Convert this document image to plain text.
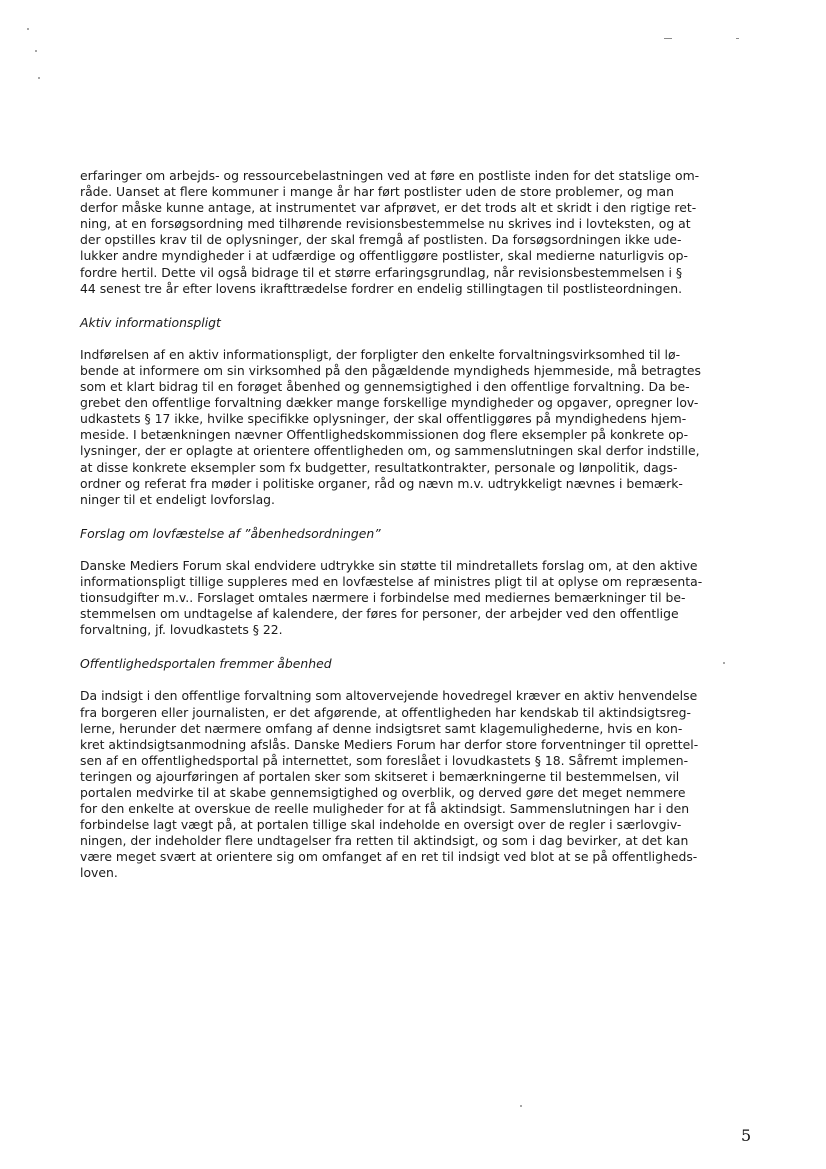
erfaringer om arbejds- og ressourcebelastningen ved at føre en postliste inden for det statslige om-
råde. Uanset at flere kommuner i mange år har ført postlister uden de store problemer, og man
derfor måske kunne antage, at instrumentet var afprøvet, er det trods alt et skridt i den rigtige ret-
ning, at en forsøgsordning med tilhørende revisionsbestemmelse nu skrives ind i lovteksten, og at
der opstilles krav til de oplysninger, der skal fremgå af postlisten. Da forsøgsordningen ikke ude-
lukker andre myndigheder i at udfærdige og offentliggøre postlister, skal medierne naturligvis op-
fordre hertil. Dette vil også bidrage til et større erfaringsgrundlag, når revisionsbestemmelsen i §
44 senest tre år efter lovens ikrafttrædelse fordrer en endelig stillingtagen til postlisteordningen.

Aktiv informationspligt

Indførelsen af en aktiv informationspligt, der forpligter den enkelte forvaltningsvirksomhed til lø-
bende at informere om sin virksomhed på den pågældende myndigheds hjemmeside, må betragtes
som et klart bidrag til en forøget åbenhed og gennemsigtighed i den offentlige forvaltning. Da be-
grebet den offentlige forvaltning dækker mange forskellige myndigheder og opgaver, opregner lov-
udkastets § 17 ikke, hvilke specifikke oplysninger, der skal offentliggøres på myndighedens hjem-
meside. I betænkningen nævner Offentlighedskommissionen dog flere eksempler på konkrete op-
lysninger, der er oplagte at orientere offentligheden om, og sammenslutningen skal derfor indstille,
at disse konkrete eksempler som fx budgetter, resultatkontrakter, personale og lønpolitik, dags-
ordner og referat fra møder i politiske organer, råd og nævn m.v. udtrykkeligt nævnes i bemærk-
ninger til et endeligt lovforslag.

Forslag om lovfæstelse af ”åbenhedsordningen”

Danske Mediers Forum skal endvidere udtrykke sin støtte til mindretallets forslag om, at den aktive
informationspligt tillige suppleres med en lovfæstelse af ministres pligt til at oplyse om repræsenta-
tionsudgifter m.v.. Forslaget omtales nærmere i forbindelse med mediernes bemærkninger til be-
stemmelsen om undtagelse af kalendere, der føres for personer, der arbejder ved den offentlige
forvaltning, jf. lovudkastets § 22.

Offentlighedsportalen fremmer åbenhed

Da indsigt i den offentlige forvaltning som altovervejende hovedregel kræver en aktiv henvendelse
fra borgeren eller journalisten, er det afgørende, at offentligheden har kendskab til aktindsigtsreg-
lerne, herunder det nærmere omfang af denne indsigtsret samt klagemulighederne, hvis en kon-
kret aktindsigtsanmodning afslås. Danske Mediers Forum har derfor store forventninger til oprettel-
sen af en offentlighedsportal på internettet, som foreslået i lovudkastets § 18. Såfremt implemen-
teringen og ajourføringen af portalen sker som skitseret i bemærkningerne til bestemmelsen, vil
portalen medvirke til at skabe gennemsigtighed og overblik, og derved gøre det meget nemmere
for den enkelte at overskue de reelle muligheder for at få aktindsigt. Sammenslutningen har i den
forbindelse lagt vægt på, at portalen tillige skal indeholde en oversigt over de regler i særlovgiv-
ningen, der indeholder flere undtagelser fra retten til aktindsigt, og som i dag bevirker, at det kan
være meget svært at orientere sig om omfanget af en ret til indsigt ved blot at se på offentligheds-
loven.

5
